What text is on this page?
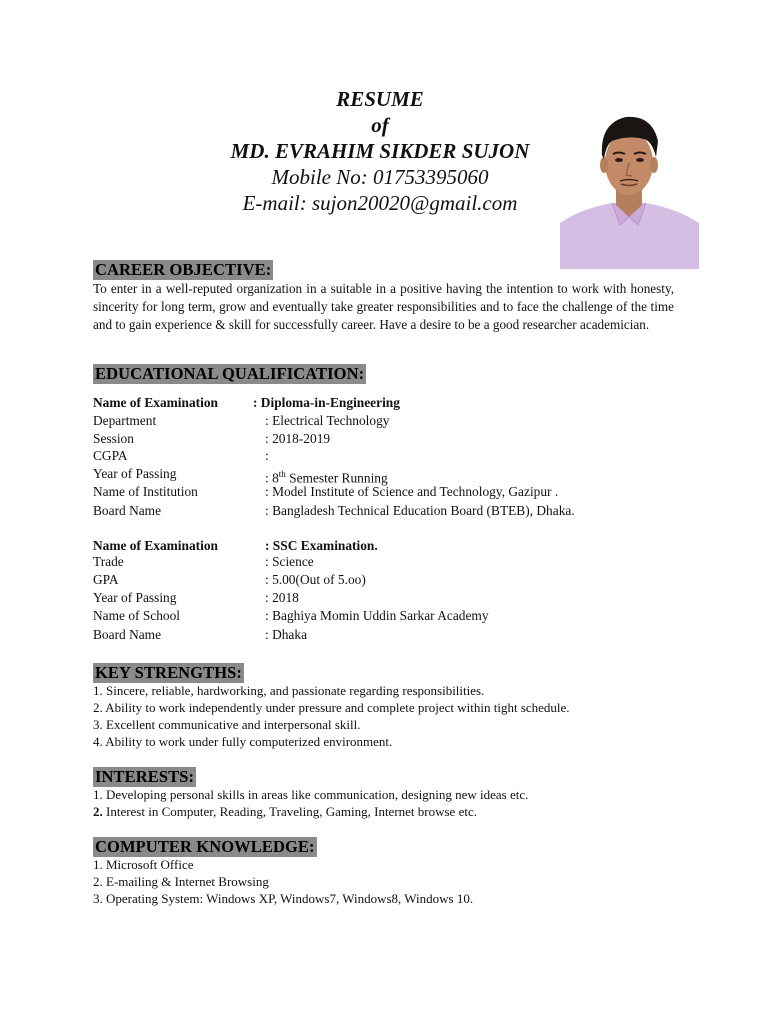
RESUME
of
MD. EVRAHIM SIKDER SUJON
Mobile No: 01753395060
E-mail: sujon20020@gmail.com
CAREER OBJECTIVE:
To enter in a well-reputed organization in a suitable in a positive having the intention to work with honesty, sincerity for long term, grow and eventually take greater responsibilities and to face the challenge of the time and to gain experience & skill for successfully career. Have a desire to be a good researcher academician.
EDUCATIONAL QUALIFICATION:
Name of Examination	: Diploma-in-Engineering
Department	: Electrical Technology
Session	: 2018-2019
CGPA	:
Year of Passing	: 8th Semester Running
Name of Institution	: Model Institute of Science and Technology, Gazipur .
Board Name	: Bangladesh Technical Education Board (BTEB), Dhaka.
Name of Examination	: SSC Examination.
Trade	: Science
GPA	: 5.00(Out of 5.oo)
Year of Passing	: 2018
Name of School	: Baghiya Momin Uddin Sarkar Academy
Board Name	: Dhaka
KEY STRENGTHS:
1. Sincere, reliable, hardworking, and passionate regarding responsibilities.
2. Ability to work independently under pressure and complete project within tight schedule.
3. Excellent communicative and interpersonal skill.
4. Ability to work under fully computerized environment.
INTERESTS:
1. Developing personal skills in areas like communication, designing new ideas etc.
2. Interest in Computer, Reading, Traveling, Gaming, Internet browse etc.
COMPUTER KNOWLEDGE:
1. Microsoft Office
2. E-mailing & Internet Browsing
3. Operating System: Windows XP, Windows7, Windows8, Windows 10.
